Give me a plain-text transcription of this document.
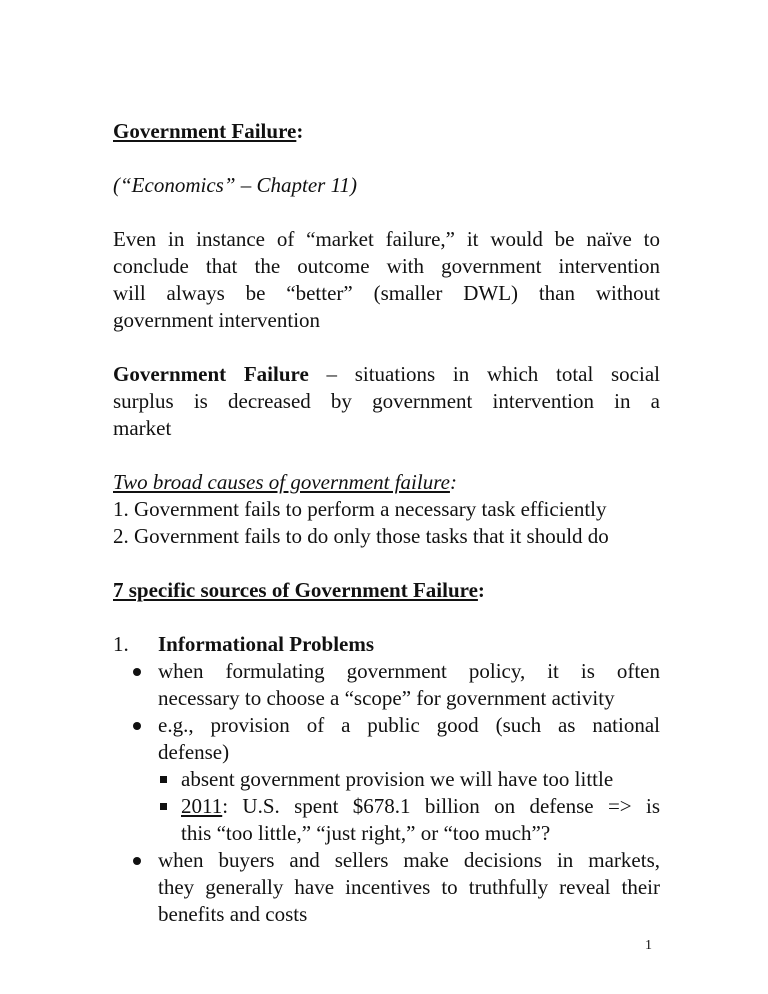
Government Failure:
(“Economics” – Chapter 11)
Even in instance of “market failure,” it would be naïve to
conclude that the outcome with government intervention
will always be “better” (smaller DWL) than without
government intervention
Government Failure – situations in which total social
surplus is decreased by government intervention in a
market
Two broad causes of government failure:
1. Government fails to perform a necessary task efficiently
2. Government fails to do only those tasks that it should do
7 specific sources of Government Failure:
1.	Informational Problems
when formulating government policy, it is often
necessary to choose a “scope” for government activity
e.g., provision of a public good (such as national
defense)
absent government provision we will have too little
2011: U.S. spent $678.1 billion on defense => is
this “too little,” “just right,” or “too much”?
when buyers and sellers make decisions in markets,
they generally have incentives to truthfully reveal their
benefits and costs
1
